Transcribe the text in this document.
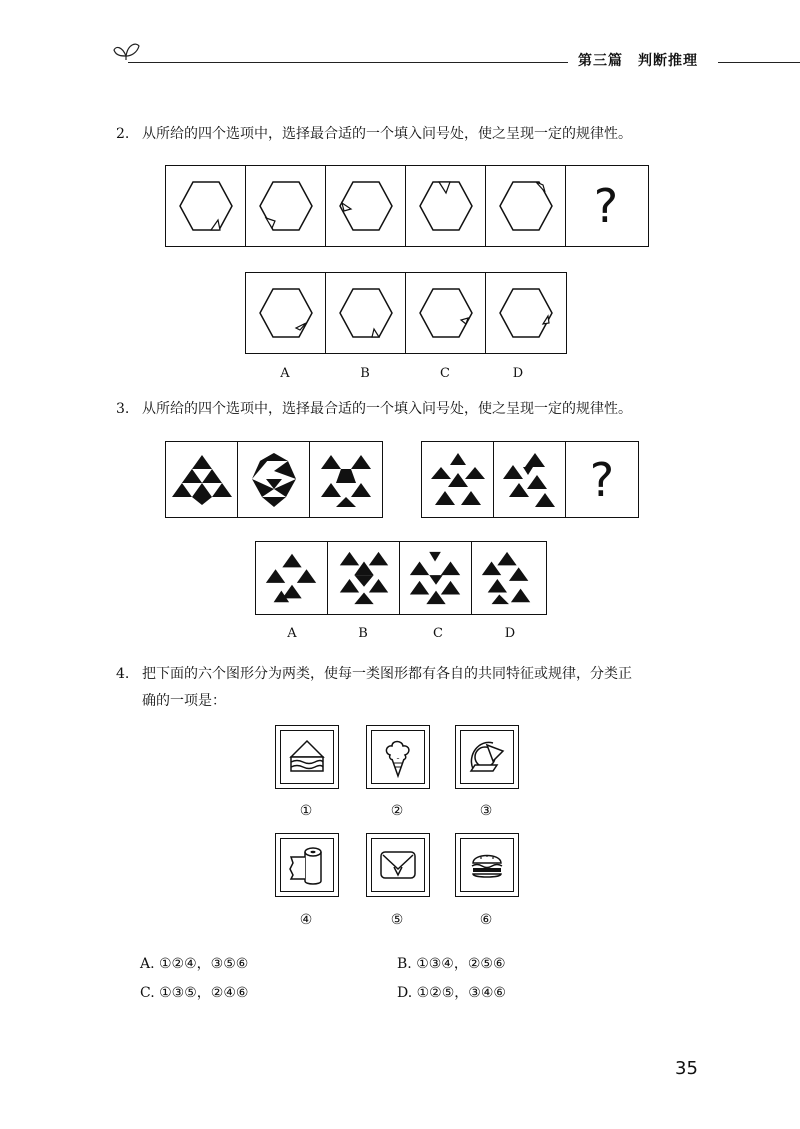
第三篇　判断推理
2. 从所给的四个选项中，选择最合适的一个填入问号处，使之呈现一定的规律性。
?
A	B	C	D
3. 从所给的四个选项中，选择最合适的一个填入问号处，使之呈现一定的规律性。
?
A	B	C	D
4. 把下面的六个图形分为两类，使每一类图形都有各自的共同特征或规律，分类正
确的一项是：
①	②	③
④	⑤	⑥
A. ①②④，③⑤⑥	B. ①③④，②⑤⑥
C. ①③⑤，②④⑥	D. ①②⑤，③④⑥
35
